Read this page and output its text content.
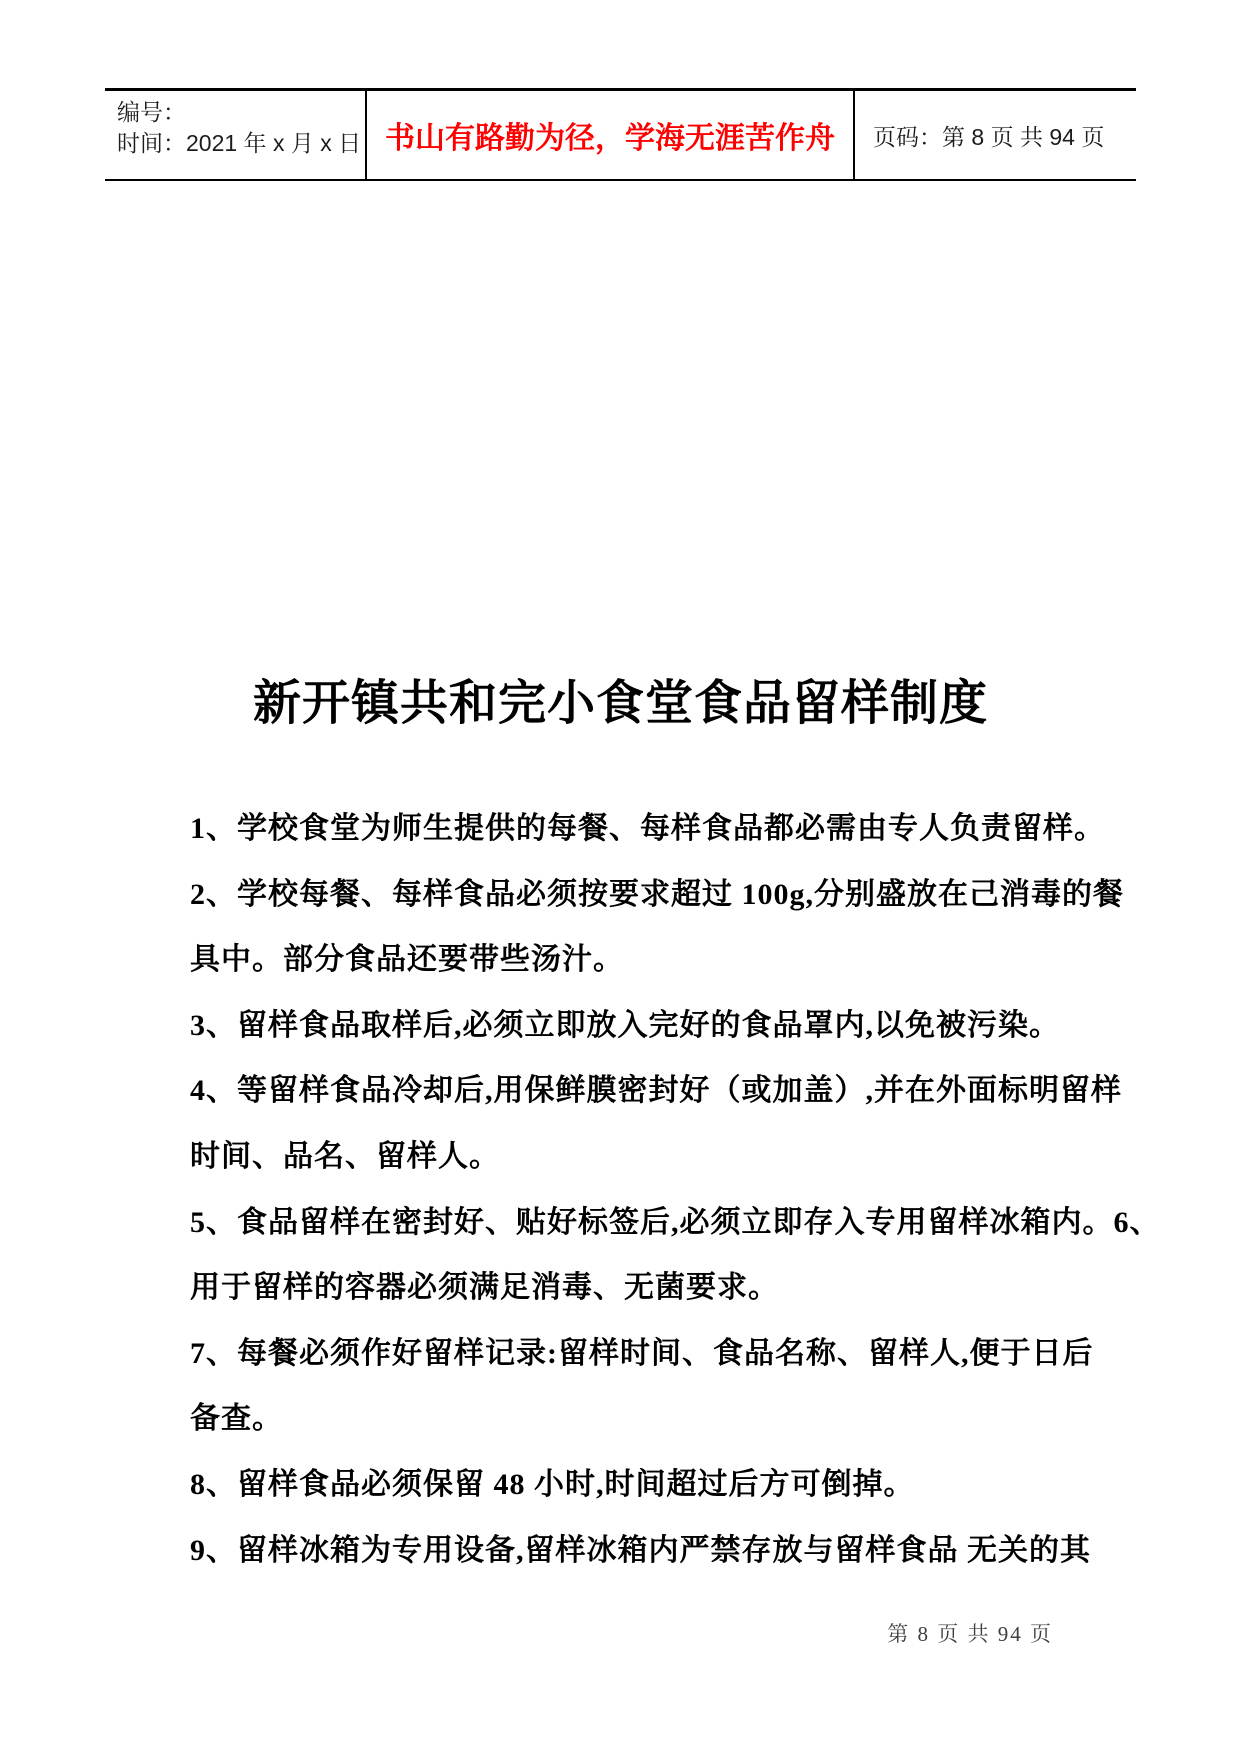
编号：
时间：2021 年 x 月 x 日 书山有路勤为径，学海无涯苦作舟 页码：第 8 页 共 94 页
新开镇共和完小食堂食品留样制度

1、学校食堂为师生提供的每餐、每样食品都必需由专人负责留样。

2、学校每餐、每样食品必须按要求超过 100g,分别盛放在己消毒的餐

具中。部分食品还要带些汤汁。

3、留样食品取样后,必须立即放入完好的食品罩内,以免被污染。

4、等留样食品冷却后,用保鲜膜密封好（或加盖）,并在外面标明留样

时间、品名、留样人。

5、食品留样在密封好、贴好标签后,必须立即存入专用留样冰箱内。6、

用于留样的容器必须满足消毒、无菌要求。

7、每餐必须作好留样记录:留样时间、食品名称、留样人,便于日后

备查。

8、留样食品必须保留 48 小时,时间超过后方可倒掉。

9、留样冰箱为专用设备,留样冰箱内严禁存放与留样食品 无关的其

第 8 页 共 94 页
